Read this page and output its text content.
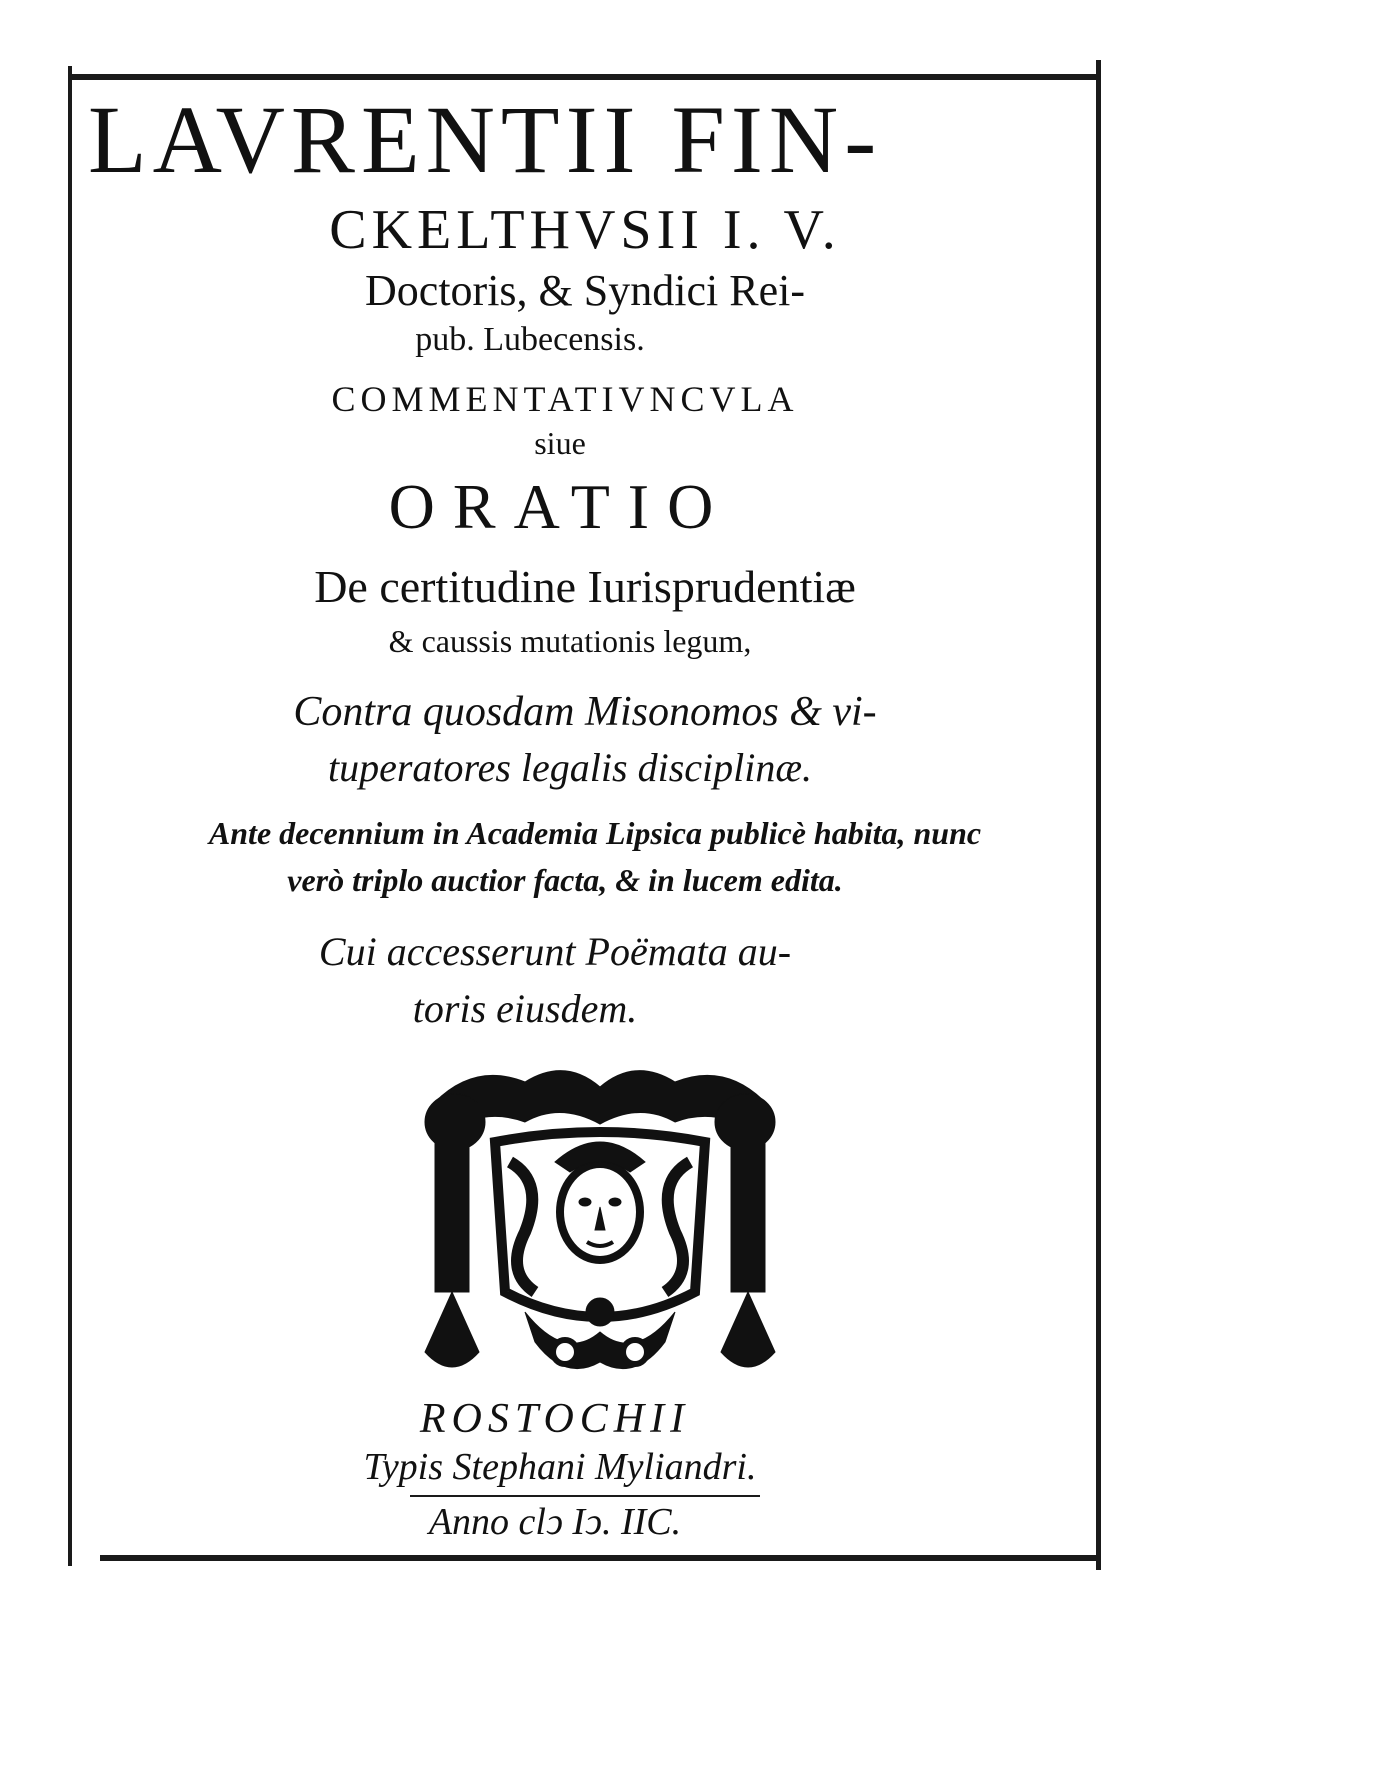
LAVRENTII FIN-
CKELTHVSII I. V.
Doctoris, & Syndici Rei-
pub. Lubecensis.
COMMENTATIVNCVLA
siue
ORATIO
De certitudine Iurisprudentiæ
& caussis mutationis legum,
Contra quosdam Misonomos & vi-
tuperatores legalis disciplinæ.
Ante decennium in Academia Lipsica publicè habita, nunc
verò triplo auctior facta, & in lucem edita.
Cui accesserunt Poëmata au-
toris eiusdem.
ROSTOCHII
Typis Stephani Myliandri.
Anno clↄ Iↄ. IIC.
